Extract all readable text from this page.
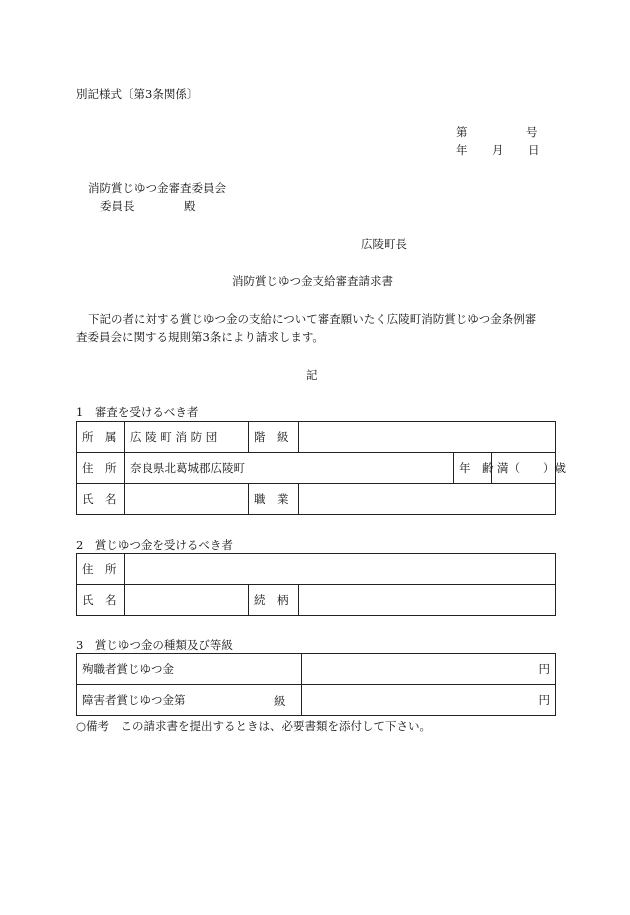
別記様式〔第3条関係〕
第	号
年 月 日
消防賞じゆつ金審査委員会
委員長	殿
広陵町長
消防賞じゆつ金支給審査請求書
下記の者に対する賞じゆつ金の支給について審査願いたく広陵町消防賞じゆつ金条例審
査委員会に関する規則第3条により請求します。
記
1　審査を受けるべき者
所　属	広 陵 町 消 防 団	階　級			
住　所	奈良県北葛城郡広陵町			年　齢	満（　　）歳
氏　名		職　業			
2　賞じゆつ金を受けるべき者
住　所			
氏　名		続　柄	
3　賞じゆつ金の種類及び等級
殉職者賞じゆつ金	円
障害者賞じゆつ金第 級	円
○備考　この請求書を提出するときは、必要書類を添付して下さい。
